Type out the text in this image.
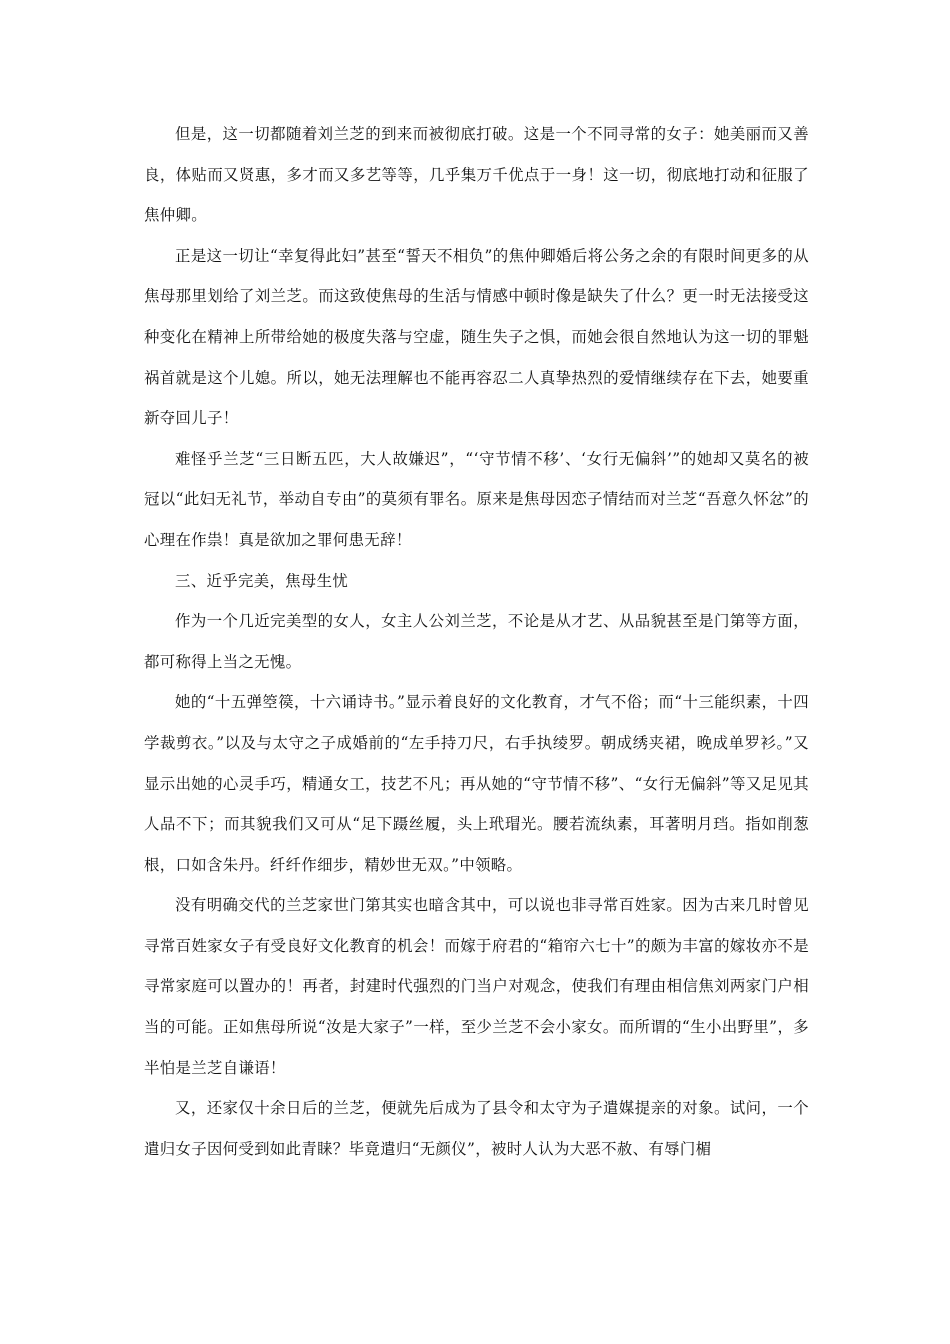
但是，这一切都随着刘兰芝的到来而被彻底打破。这是一个不同寻常的女子：她美丽而又善良，体贴而又贤惠，多才而又多艺等等，几乎集万千优点于一身！这一切，彻底地打动和征服了焦仲卿。

正是这一切让“幸复得此妇”甚至“誓天不相负”的焦仲卿婚后将公务之余的有限时间更多的从焦母那里划给了刘兰芝。而这致使焦母的生活与情感中顿时像是缺失了什么？更一时无法接受这种变化在精神上所带给她的极度失落与空虚，随生失子之惧，而她会很自然地认为这一切的罪魁祸首就是这个儿媳。所以，她无法理解也不能再容忍二人真挚热烈的爱情继续存在下去，她要重新夺回儿子！

难怪乎兰芝“三日断五匹，大人故嫌迟”，“‘守节情不移’、‘女行无偏斜’”的她却又莫名的被冠以“此妇无礼节，举动自专由”的莫须有罪名。原来是焦母因恋子情结而对兰芝“吾意久怀忿”的心理在作祟！真是欲加之罪何患无辞！

三、近乎完美，焦母生忧

作为一个几近完美型的女人，女主人公刘兰芝，不论是从才艺、从品貌甚至是门第等方面，都可称得上当之无愧。

她的“十五弹箜篌，十六诵诗书。”显示着良好的文化教育，才气不俗；而“十三能织素，十四学裁剪衣。”以及与太守之子成婚前的“左手持刀尺，右手执绫罗。朝成绣夹裙，晚成单罗衫。”又显示出她的心灵手巧，精通女工，技艺不凡；再从她的“守节情不移”、“女行无偏斜”等又足见其人品不下；而其貌我们又可从“足下蹑丝履，头上玳瑁光。腰若流纨素，耳著明月珰。指如削葱根，口如含朱丹。纤纤作细步，精妙世无双。”中领略。

没有明确交代的兰芝家世门第其实也暗含其中，可以说也非寻常百姓家。因为古来几时曾见寻常百姓家女子有受良好文化教育的机会！而嫁于府君的“箱帘六七十”的颇为丰富的嫁妆亦不是寻常家庭可以置办的！再者，封建时代强烈的门当户对观念，使我们有理由相信焦刘两家门户相当的可能。正如焦母所说“汝是大家子”一样，至少兰芝不会小家女。而所谓的“生小出野里”，多半怕是兰芝自谦语！

又，还家仅十余日后的兰芝，便就先后成为了县令和太守为子遣媒提亲的对象。试问，一个遣归女子因何受到如此青睐？毕竟遣归“无颜仪”，被时人认为大恶不赦、有辱门楣
